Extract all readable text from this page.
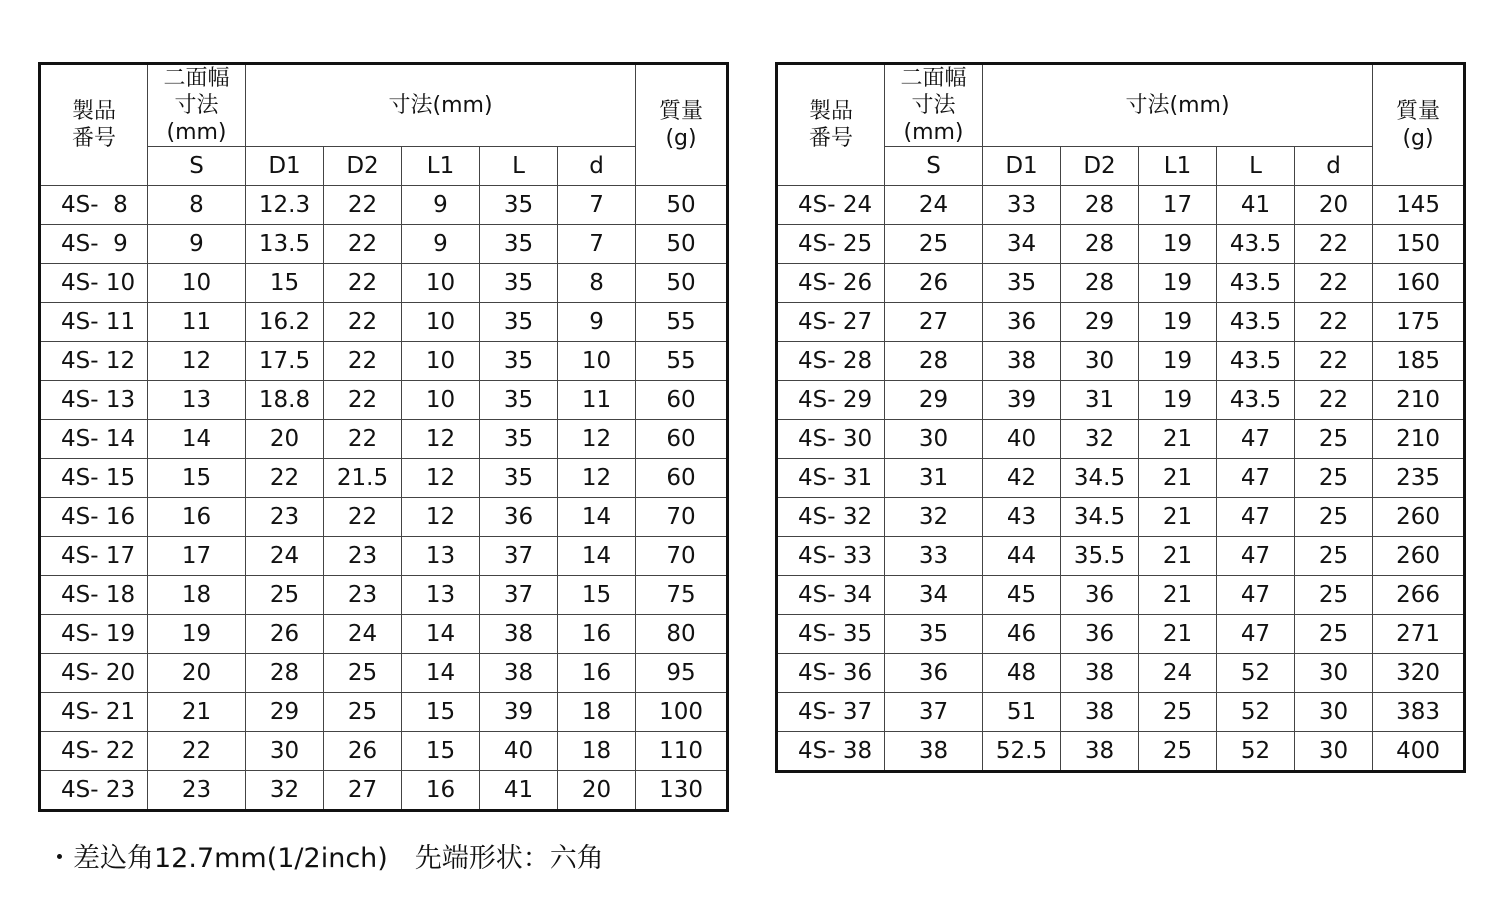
製品
番号	二面幅
寸法
(mm)	寸法(mm)					質量
(g)
	S	D1	D2	L1	L	d	
4S-  8	8	12.3	22	9	35	7	50
4S-  9	9	13.5	22	9	35	7	50
4S- 10	10	15	22	10	35	8	50
4S- 11	11	16.2	22	10	35	9	55
4S- 12	12	17.5	22	10	35	10	55
4S- 13	13	18.8	22	10	35	11	60
4S- 14	14	20	22	12	35	12	60
4S- 15	15	22	21.5	12	35	12	60
4S- 16	16	23	22	12	36	14	70
4S- 17	17	24	23	13	37	14	70
4S- 18	18	25	23	13	37	15	75
4S- 19	19	26	24	14	38	16	80
4S- 20	20	28	25	14	38	16	95
4S- 21	21	29	25	15	39	18	100
4S- 22	22	30	26	15	40	18	110
4S- 23	23	32	27	16	41	20	130
製品
番号	二面幅
寸法
(mm)	寸法(mm)					質量
(g)
	S	D1	D2	L1	L	d	
4S- 24	24	33	28	17	41	20	145
4S- 25	25	34	28	19	43.5	22	150
4S- 26	26	35	28	19	43.5	22	160
4S- 27	27	36	29	19	43.5	22	175
4S- 28	28	38	30	19	43.5	22	185
4S- 29	29	39	31	19	43.5	22	210
4S- 30	30	40	32	21	47	25	210
4S- 31	31	42	34.5	21	47	25	235
4S- 32	32	43	34.5	21	47	25	260
4S- 33	33	44	35.5	21	47	25	260
4S- 34	34	45	36	21	47	25	266
4S- 35	35	46	36	21	47	25	271
4S- 36	36	48	38	24	52	30	320
4S- 37	37	51	38	25	52	30	383
4S- 38	38	52.5	38	25	52	30	400
・差込角12.7mm(1/2inch)　先端形状：六角
